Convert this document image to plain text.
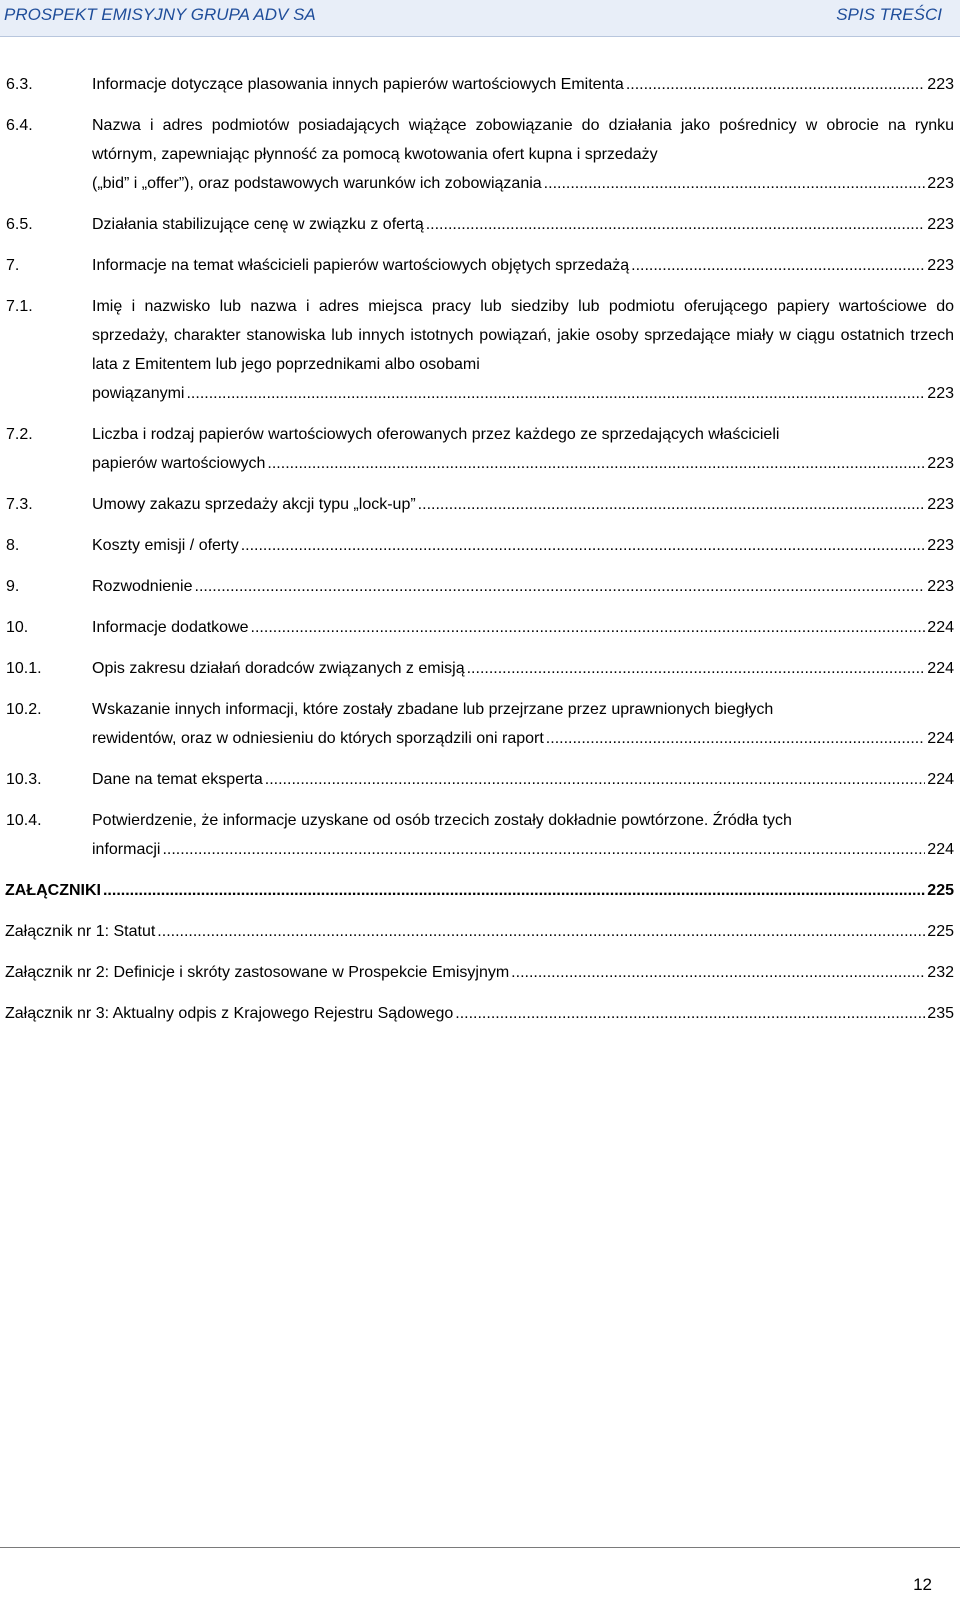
PROSPEKT EMISYJNY GRUPA ADV SA	SPIS TREŚCI
6.3.	Informacje dotyczące plasowania innych papierów wartościowych Emitenta .....	223
6.4.	Nazwa i adres podmiotów posiadających wiążące zobowiązanie do działania jako pośrednicy w obrocie na rynku wtórnym, zapewniając płynność za pomocą kwotowania ofert kupna i sprzedaży
(„bid” i „offer”), oraz podstawowych warunków ich zobowiązania .....	223
6.5.	Działania stabilizujące cenę w związku z ofertą .....	223
7.	Informacje na temat właścicieli papierów wartościowych objętych sprzedażą .....	223
7.1.	Imię i nazwisko lub nazwa i adres miejsca pracy lub siedziby lub podmiotu oferującego papiery wartościowe do sprzedaży, charakter stanowiska lub innych istotnych powiązań, jakie osoby sprzedające miały w ciągu ostatnich trzech lata z Emitentem lub jego poprzednikami albo osobami
powiązanymi .....	223
7.2.	Liczba i rodzaj papierów wartościowych oferowanych przez każdego ze sprzedających właścicieli
papierów wartościowych .....	223
7.3.	Umowy zakazu sprzedaży akcji typu „lock-up” .....	223
8.	Koszty emisji / oferty .....	223
9.	Rozwodnienie .....	223
10.	Informacje dodatkowe .....	224
10.1.	Opis zakresu działań doradców związanych z emisją .....	224
10.2.	Wskazanie innych informacji, które zostały zbadane lub przejrzane przez uprawnionych biegłych
rewidentów, oraz w odniesieniu do których sporządzili oni raport .....	224
10.3.	Dane na temat eksperta .....	224
10.4.	Potwierdzenie, że informacje uzyskane od osób trzecich zostały dokładnie powtórzone. Źródła tych
informacji .....	224
ZAŁĄCZNIKI .....	225
Załącznik nr 1: Statut .....	225
Załącznik nr 2: Definicje i skróty zastosowane w Prospekcie Emisyjnym .....	232
Załącznik nr 3: Aktualny odpis z Krajowego Rejestru Sądowego .....	235
12
